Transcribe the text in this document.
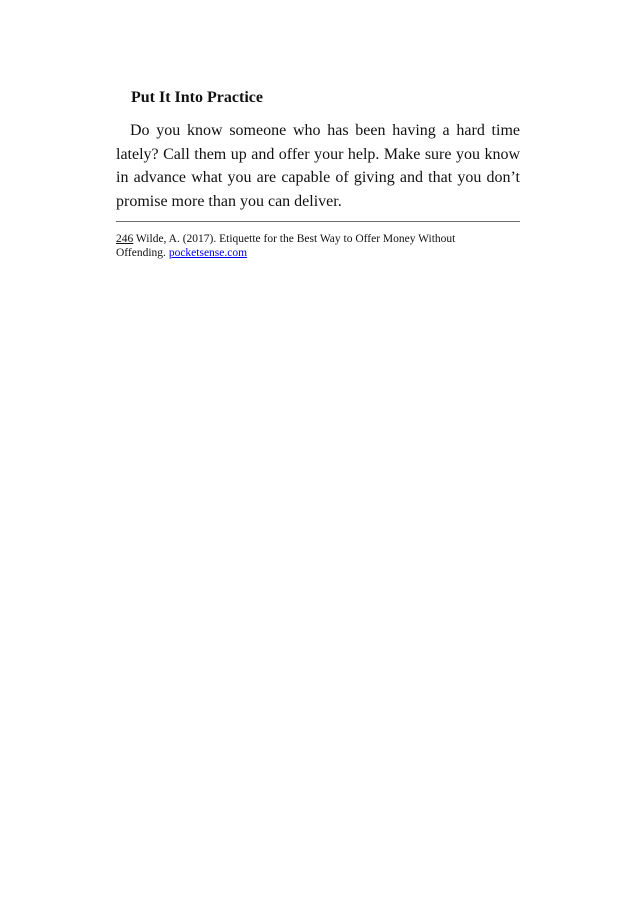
Put It Into Practice

Do you know someone who has been having a hard time lately? Call them up and offer your help. Make sure you know in advance what you are capable of giving and that you don’t promise more than you can deliver.

246 Wilde, A. (2017). Etiquette for the Best Way to Offer Money Without
Offending. pocketsense.com
